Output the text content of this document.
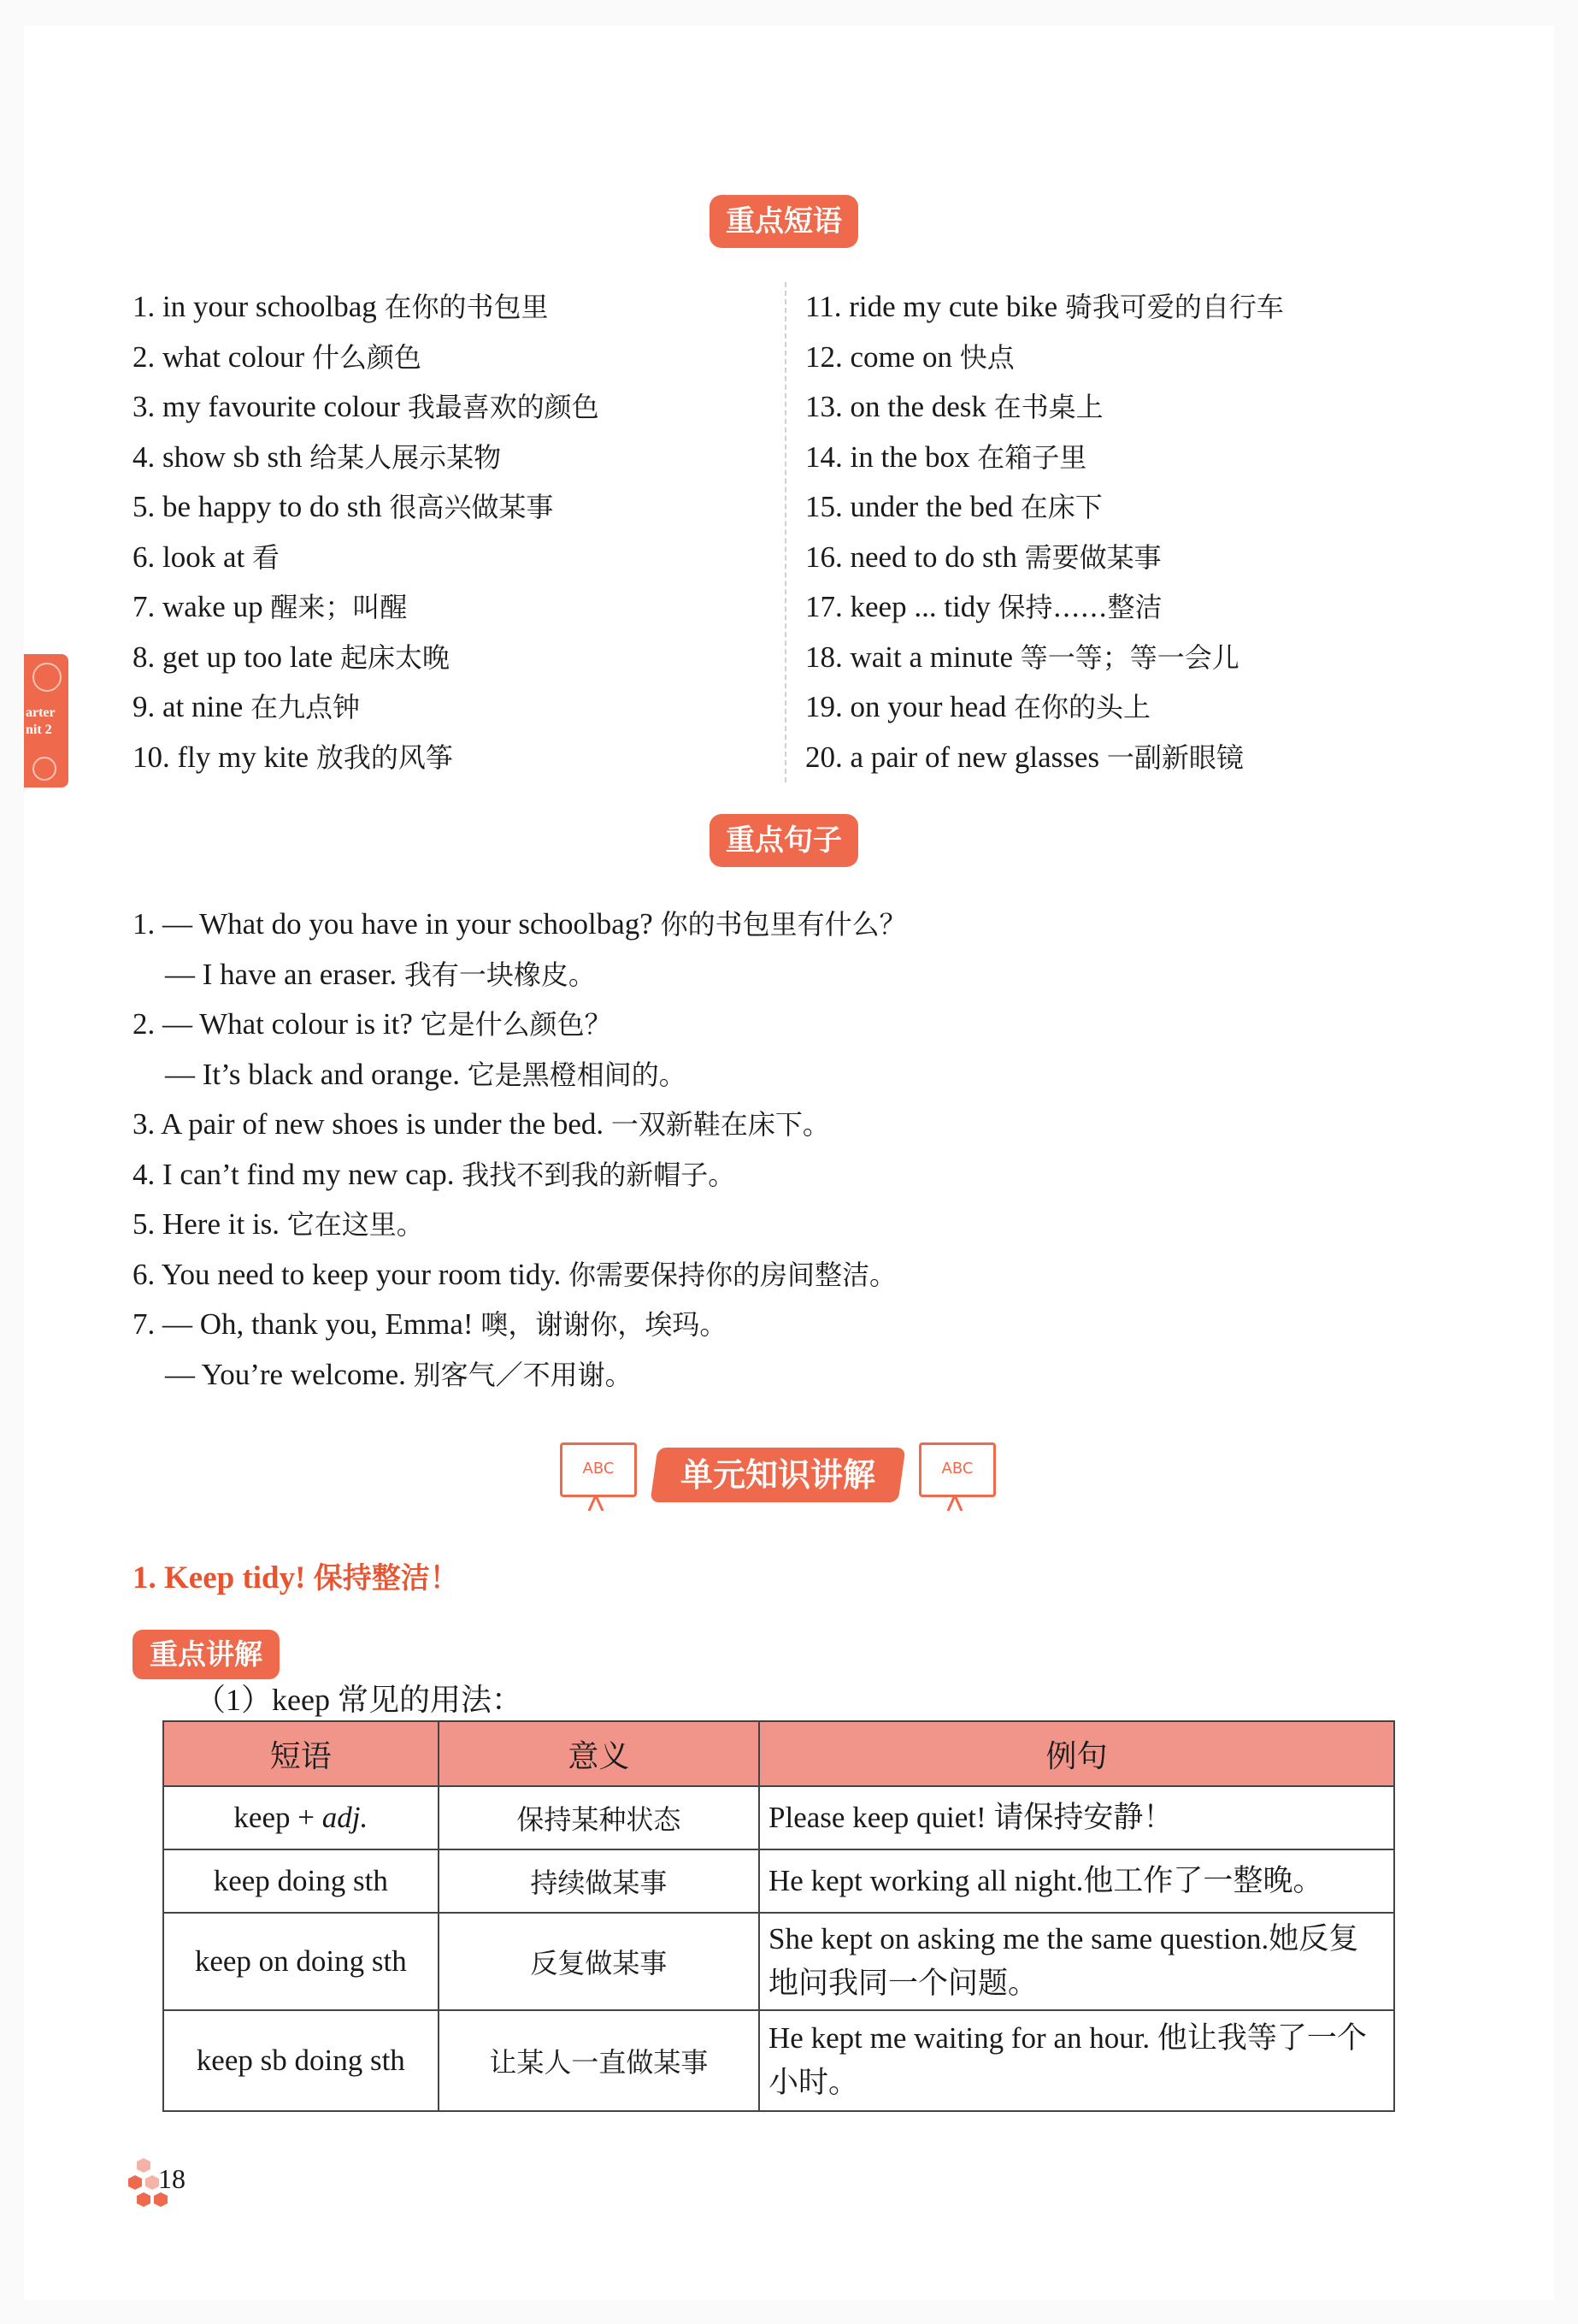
重点短语
1. in your schoolbag 在你的书包里
2. what colour 什么颜色
3. my favourite colour 我最喜欢的颜色
4. show sb sth 给某人展示某物
5. be happy to do sth 很高兴做某事
6. look at 看
7. wake up 醒来；叫醒
8. get up too late 起床太晚
9. at nine 在九点钟
10. fly my kite 放我的风筝
11. ride my cute bike 骑我可爱的自行车
12. come on 快点
13. on the desk 在书桌上
14. in the box 在箱子里
15. under the bed 在床下
16. need to do sth 需要做某事
17. keep ... tidy 保持……整洁
18. wait a minute 等一等；等一会儿
19. on your head 在你的头上
20. a pair of new glasses 一副新眼镜
arter
nit 2
重点句子
1. — What do you have in your schoolbag? 你的书包里有什么？
— I have an eraser. 我有一块橡皮。
2. — What colour is it? 它是什么颜色？
— It’s black and orange. 它是黑橙相间的。
3. A pair of new shoes is under the bed. 一双新鞋在床下。
4. I can’t find my new cap. 我找不到我的新帽子。
5. Here it is. 它在这里。
6. You need to keep your room tidy. 你需要保持你的房间整洁。
7. — Oh, thank you, Emma! 噢，谢谢你，埃玛。
— You’re welcome. 别客气／不用谢。
ABC	单元知识讲解	ABC
1. Keep tidy! 保持整洁！
重点讲解
（1）keep 常见的用法：
短语	意义	例句
keep + adj.	保持某种状态	Please keep quiet! 请保持安静！
keep doing sth	持续做某事	He kept working all night.他工作了一整晚。
keep on doing sth	反复做某事	She kept on asking me the same question.她反复地问我同一个问题。
keep sb doing sth	让某人一直做某事	He kept me waiting for an hour. 他让我等了一个小时。
18
